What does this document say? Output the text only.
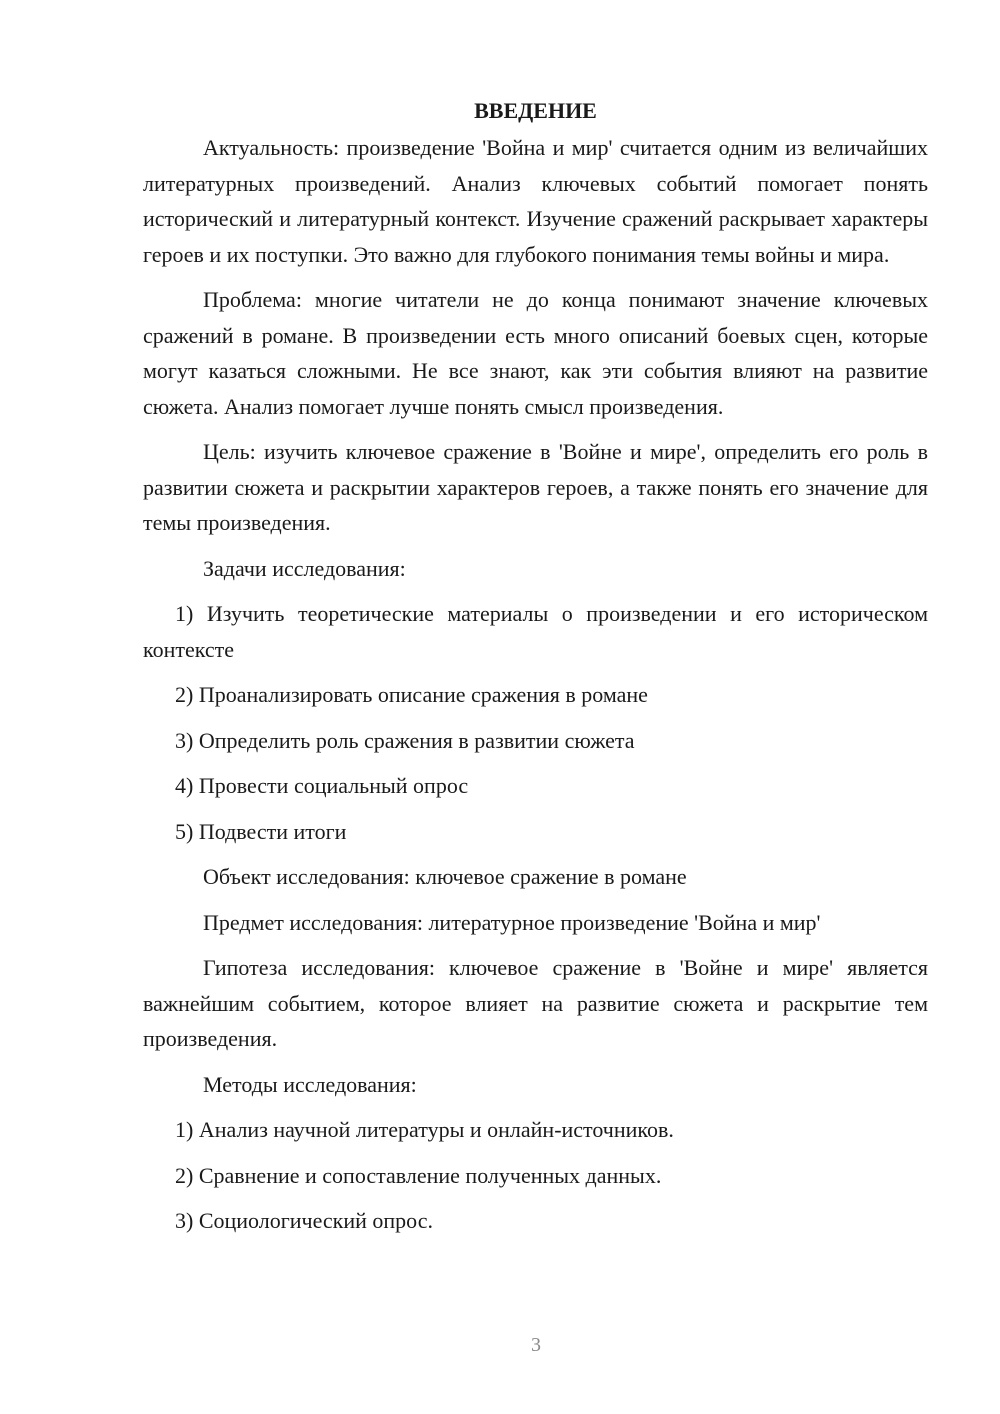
ВВЕДЕНИЕ

Актуальность: произведение 'Война и мир' считается одним из величайших литературных произведений. Анализ ключевых событий помогает понять исторический и литературный контекст. Изучение сражений раскрывает характеры героев и их поступки. Это важно для глубокого понимания темы войны и мира.

Проблема: многие читатели не до конца понимают значение ключевых сражений в романе. В произведении есть много описаний боевых сцен, которые могут казаться сложными. Не все знают, как эти события влияют на развитие сюжета. Анализ помогает лучше понять смысл произведения.

Цель: изучить ключевое сражение в 'Войне и мире', определить его роль в развитии сюжета и раскрытии характеров героев, а также понять его значение для темы произведения.

Задачи исследования:

1) Изучить теоретические материалы о произведении и его историческом контексте

2) Проанализировать описание сражения в романе

3) Определить роль сражения в развитии сюжета

4) Провести социальный опрос

5) Подвести итоги

Объект исследования: ключевое сражение в романе

Предмет исследования: литературное произведение 'Война и мир'

Гипотеза исследования: ключевое сражение в 'Войне и мире' является важнейшим событием, которое влияет на развитие сюжета и раскрытие тем произведения.

Методы исследования:

1) Анализ научной литературы и онлайн-источников.

2) Сравнение и сопоставление полученных данных.

3) Социологический опрос.

3
